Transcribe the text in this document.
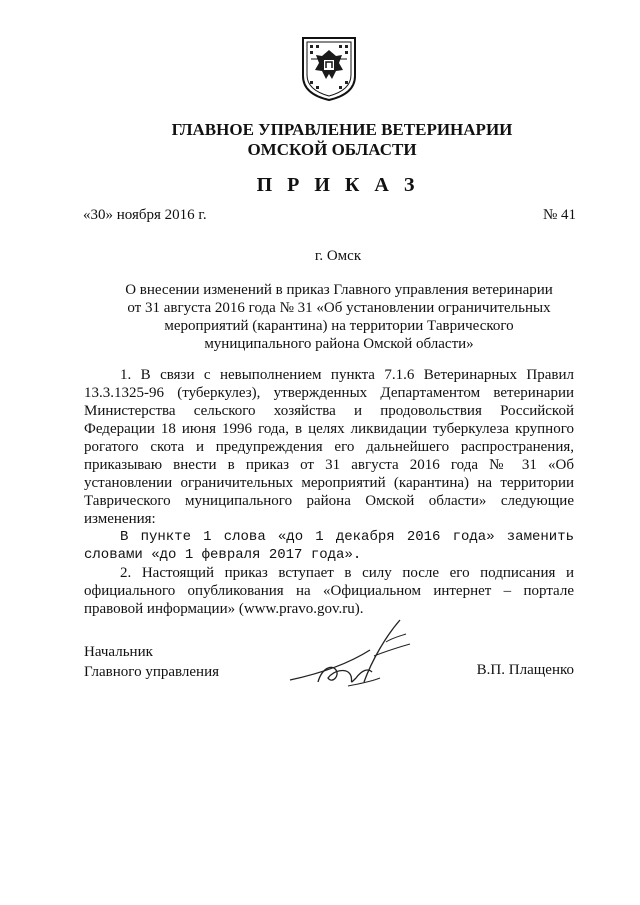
ГЛАВНОЕ УПРАВЛЕНИЕ ВЕТЕРИНАРИИ
ОМСКОЙ ОБЛАСТИ
П Р И К А З
«30» ноября 2016 г.	№ 41
г. Омск
О внесении изменений в приказ Главного управления ветеринарии
от 31 августа 2016 года № 31 «Об установлении ограничительных
мероприятий (карантина) на территории Таврического
муниципального района Омской области»

1. В связи с невыполнением пункта 7.1.6 Ветеринарных Правил 13.3.1325-96 (туберкулез), утвержденных Департаментом ветеринарии Министерства сельского хозяйства и продовольствия Российской Федерации 18 июня 1996 года, в целях ликвидации туберкулеза крупного рогатого скота и предупреждения его дальнейшего распространения, приказываю внести в приказ от 31 августа 2016 года № 31 «Об установлении ограничительных мероприятий (карантина) на территории Таврического муниципального района Омской области» следующие изменения:

В пункте 1 слова «до 1 декабря 2016 года» заменить словами «до 1 февраля 2017 года».

2. Настоящий приказ вступает в силу после его подписания и официального опубликования на «Официальном интернет – портале правовой информации» (www.pravo.gov.ru).

Начальник
Главного управления	В.П. Плащенко
